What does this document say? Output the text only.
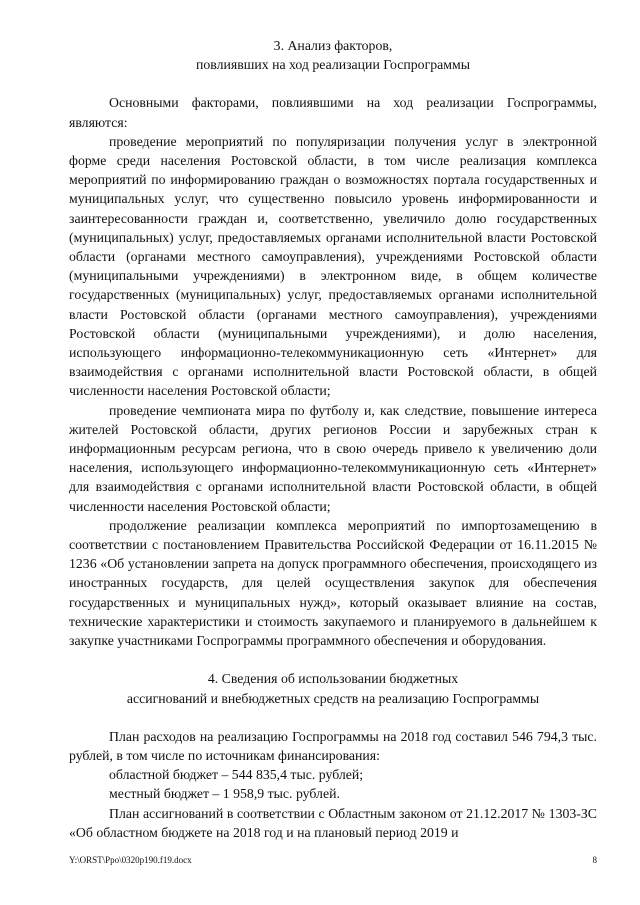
3. Анализ факторов,
повлиявших на ход реализации Госпрограммы

Основными факторами, повлиявшими на ход реализации Госпрограммы, являются:

проведение мероприятий по популяризации получения услуг в электронной форме среди населения Ростовской области, в том числе реализация комплекса мероприятий по информированию граждан о возможностях портала государственных и муниципальных услуг, что существенно повысило уровень информированности и заинтересованности граждан и, соответственно, увеличило долю государственных (муниципальных) услуг, предоставляемых органами исполнительной власти Ростовской области (органами местного самоуправления), учреждениями Ростовской области (муниципальными учреждениями) в электронном виде, в общем количестве государственных (муниципальных) услуг, предоставляемых органами исполнительной власти Ростовской области (органами местного самоуправления), учреждениями Ростовской области (муниципальными учреждениями), и долю населения, использующего информационно-телекоммуникационную сеть «Интернет» для взаимодействия с органами исполнительной власти Ростовской области, в общей численности населения Ростовской области;

проведение чемпионата мира по футболу и, как следствие, повышение интереса жителей Ростовской области, других регионов России и зарубежных стран к информационным ресурсам региона, что в свою очередь привело к увеличению доли населения, использующего информационно-телекоммуникационную сеть «Интернет» для взаимодействия с органами исполнительной власти Ростовской области, в общей численности населения Ростовской области;

продолжение реализации комплекса мероприятий по импортозамещению в соответствии с постановлением Правительства Российской Федерации от 16.11.2015 № 1236 «Об установлении запрета на допуск программного обеспечения, происходящего из иностранных государств, для целей осуществления закупок для обеспечения государственных и муниципальных нужд», который оказывает влияние на состав, технические характеристики и стоимость закупаемого и планируемого в дальнейшем к закупке участниками Госпрограммы программного обеспечения и оборудования.

4. Сведения об использовании бюджетных
ассигнований и внебюджетных средств на реализацию Госпрограммы

План расходов на реализацию Госпрограммы на 2018 год составил 546 794,3 тыс. рублей, в том числе по источникам финансирования:

областной бюджет – 544 835,4 тыс. рублей;

местный бюджет – 1 958,9 тыс. рублей.

План ассигнований в соответствии с Областным законом от 21.12.2017 № 1303-ЗС «Об областном бюджете на 2018 год и на плановый период 2019 и

Y:\ORST\Ppo\0320p190.f19.docx	8
